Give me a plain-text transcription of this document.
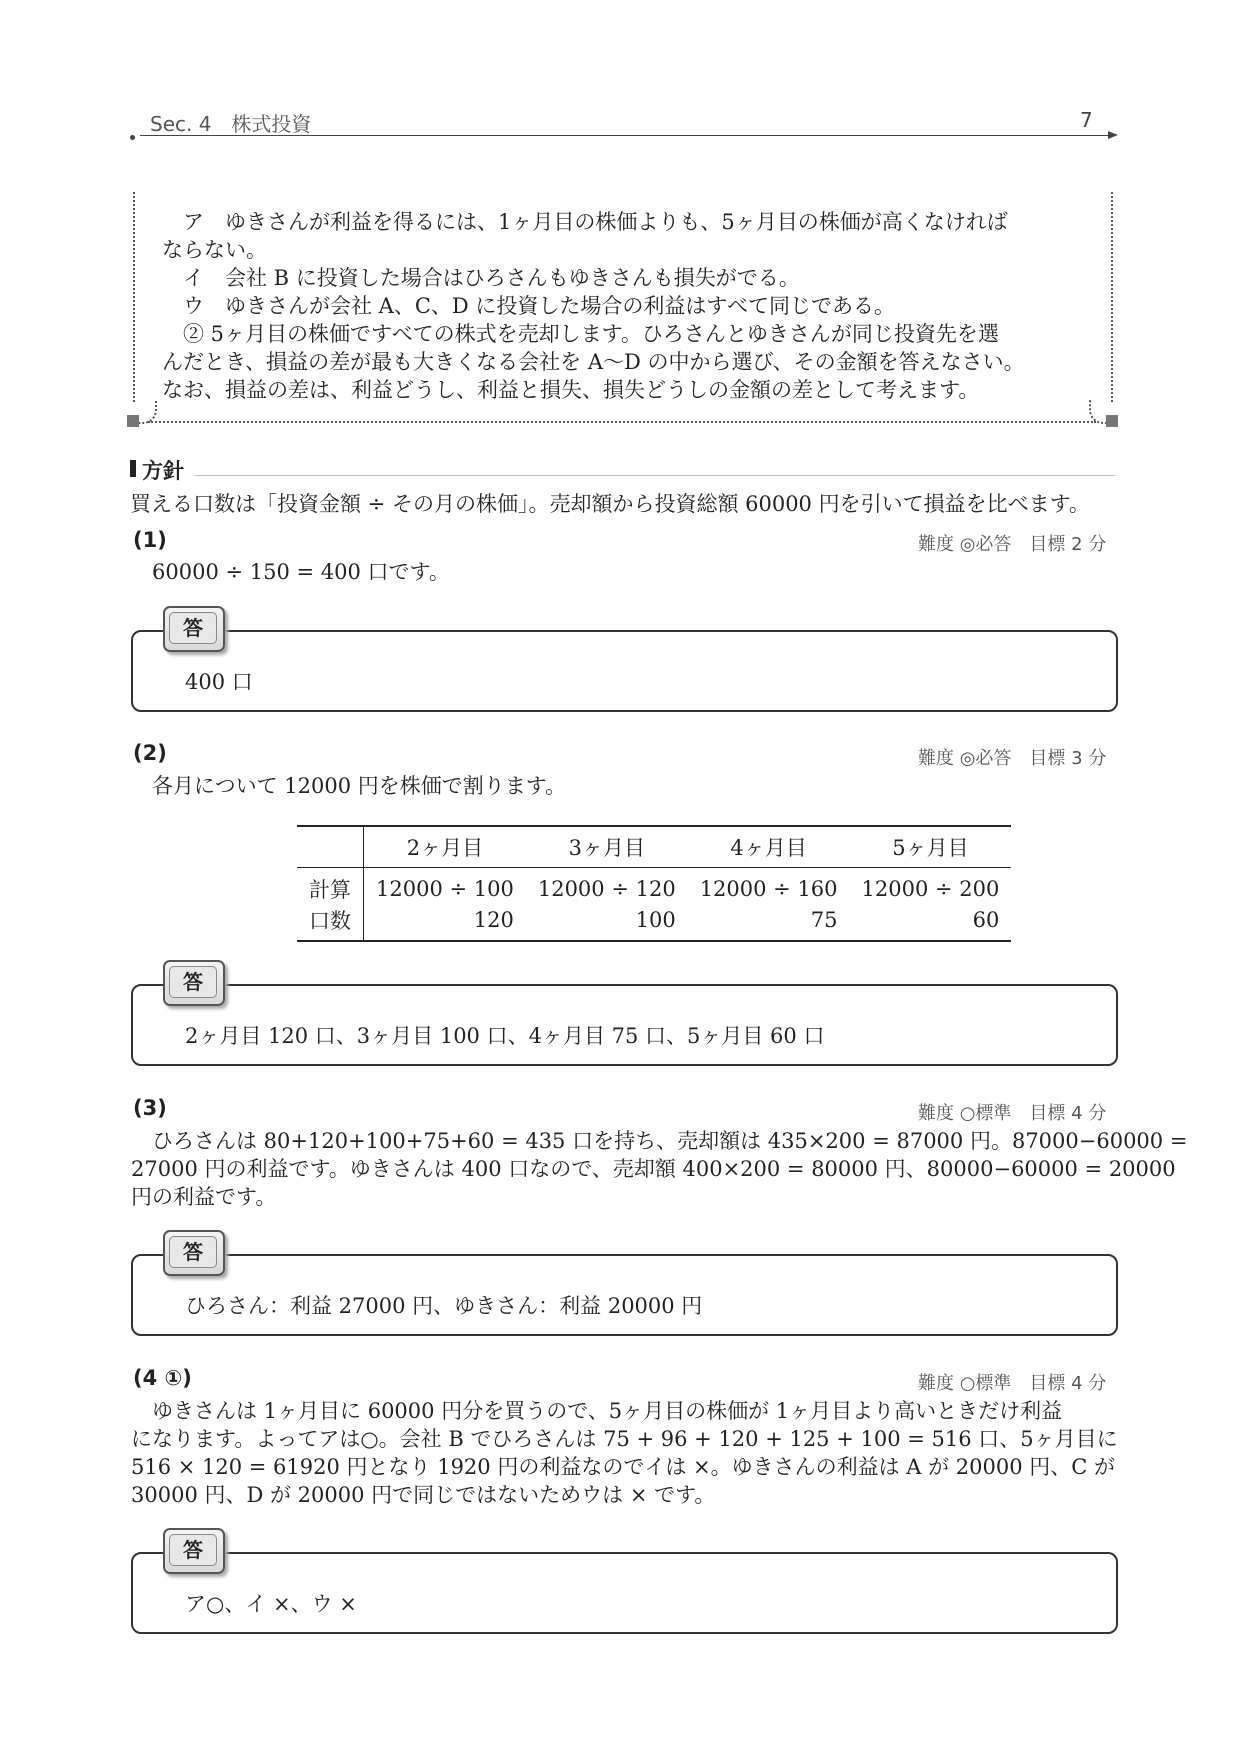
Sec. 4　株式投資	7
　ア　ゆきさんが利益を得るには、1ヶ月目の株価よりも、5ヶ月目の株価が高くなければ
ならない。
　イ　会社 B に投資した場合はひろさんもゆきさんも損失がでる。
　ウ　ゆきさんが会社 A、C、D に投資した場合の利益はすべて同じである。
　② 5ヶ月目の株価ですべての株式を売却します。ひろさんとゆきさんが同じ投資先を選
んだとき、損益の差が最も大きくなる会社を A〜D の中から選び、その金額を答えなさい。
なお、損益の差は、利益どうし、利益と損失、損失どうしの金額の差として考えます。
方針
買える口数は「投資金額 ÷ その月の株価」。売却額から投資総額 60000 円を引いて損益を比べます。
(1)	難度 ◎必答　目標 2 分
60000 ÷ 150 = 400 口です。
400 口
答
(2)	難度 ◎必答　目標 3 分
各月について 12000 円を株価で割ります。
	2ヶ月目	3ヶ月目	4ヶ月目	5ヶ月目
計算	12000 ÷ 100	12000 ÷ 120	12000 ÷ 160	12000 ÷ 200
口数	120	100	75	60
2ヶ月目 120 口、3ヶ月目 100 口、4ヶ月目 75 口、5ヶ月目 60 口
答
(3)	難度 ○標準　目標 4 分
　ひろさんは 80+120+100+75+60 = 435 口を持ち、売却額は 435×200 = 87000 円。87000−60000 =
27000 円の利益です。ゆきさんは 400 口なので、売却額 400×200 = 80000 円、80000−60000 = 20000
円の利益です。
ひろさん：利益 27000 円、ゆきさん：利益 20000 円
答
(4 ①)	難度 ○標準　目標 4 分
　ゆきさんは 1ヶ月目に 60000 円分を買うので、5ヶ月目の株価が 1ヶ月目より高いときだけ利益
になります。よってアは○。会社 B でひろさんは 75 + 96 + 120 + 125 + 100 = 516 口、5ヶ月目に
516 × 120 = 61920 円となり 1920 円の利益なのでイは ×。ゆきさんの利益は A が 20000 円、C が
30000 円、D が 20000 円で同じではないためウは × です。
ア○、イ ×、ウ ×
答
